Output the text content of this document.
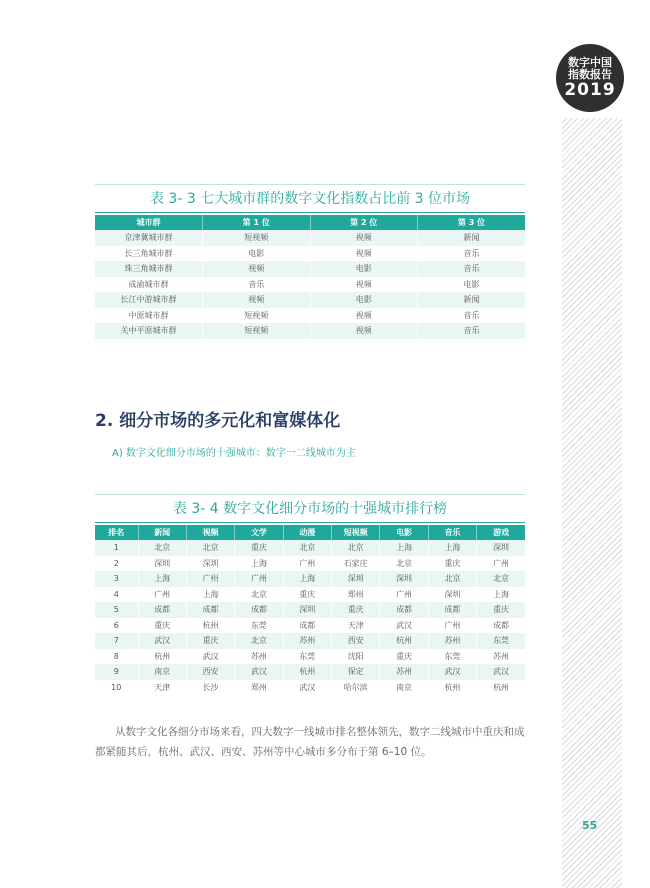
数字中国
指数报告
2019
表 3- 3 七大城市群的数字文化指数占比前 3 位市场
城市群	第 1 位	第 2 位	第 3 位
京津冀城市群	短视频	视频	新闻
长三角城市群	电影	视频	音乐
珠三角城市群	视频	电影	音乐
成渝城市群	音乐	视频	电影
长江中游城市群	视频	电影	新闻
中原城市群	短视频	视频	音乐
关中平原城市群	短视频	视频	音乐
2. 细分市场的多元化和富媒体化
A) 数字文化细分市场的十强城市：数字一二线城市为主
表 3- 4 数字文化细分市场的十强城市排行榜
排名	新闻	视频	文学	动漫	短视频	电影	音乐	游戏
1	北京	北京	重庆	北京	北京	上海	上海	深圳
2	深圳	深圳	上海	广州	石家庄	北京	重庆	广州
3	上海	广州	广州	上海	深圳	深圳	北京	北京
4	广州	上海	北京	重庆	郑州	广州	深圳	上海
5	成都	成都	成都	深圳	重庆	成都	成都	重庆
6	重庆	杭州	东莞	成都	天津	武汉	广州	成都
7	武汉	重庆	北京	苏州	西安	杭州	苏州	东莞
8	杭州	武汉	苏州	东莞	沈阳	重庆	东莞	苏州
9	南京	西安	武汉	杭州	保定	苏州	武汉	武汉
10	天津	长沙	郑州	武汉	哈尔滨	南京	杭州	杭州
从数字文化各细分市场来看，四大数字一线城市排名整体领先，数字二线城市中重庆和成都紧随其后，杭州、武汉、西安、苏州等中心城市多分布于第 6–10 位。
55
